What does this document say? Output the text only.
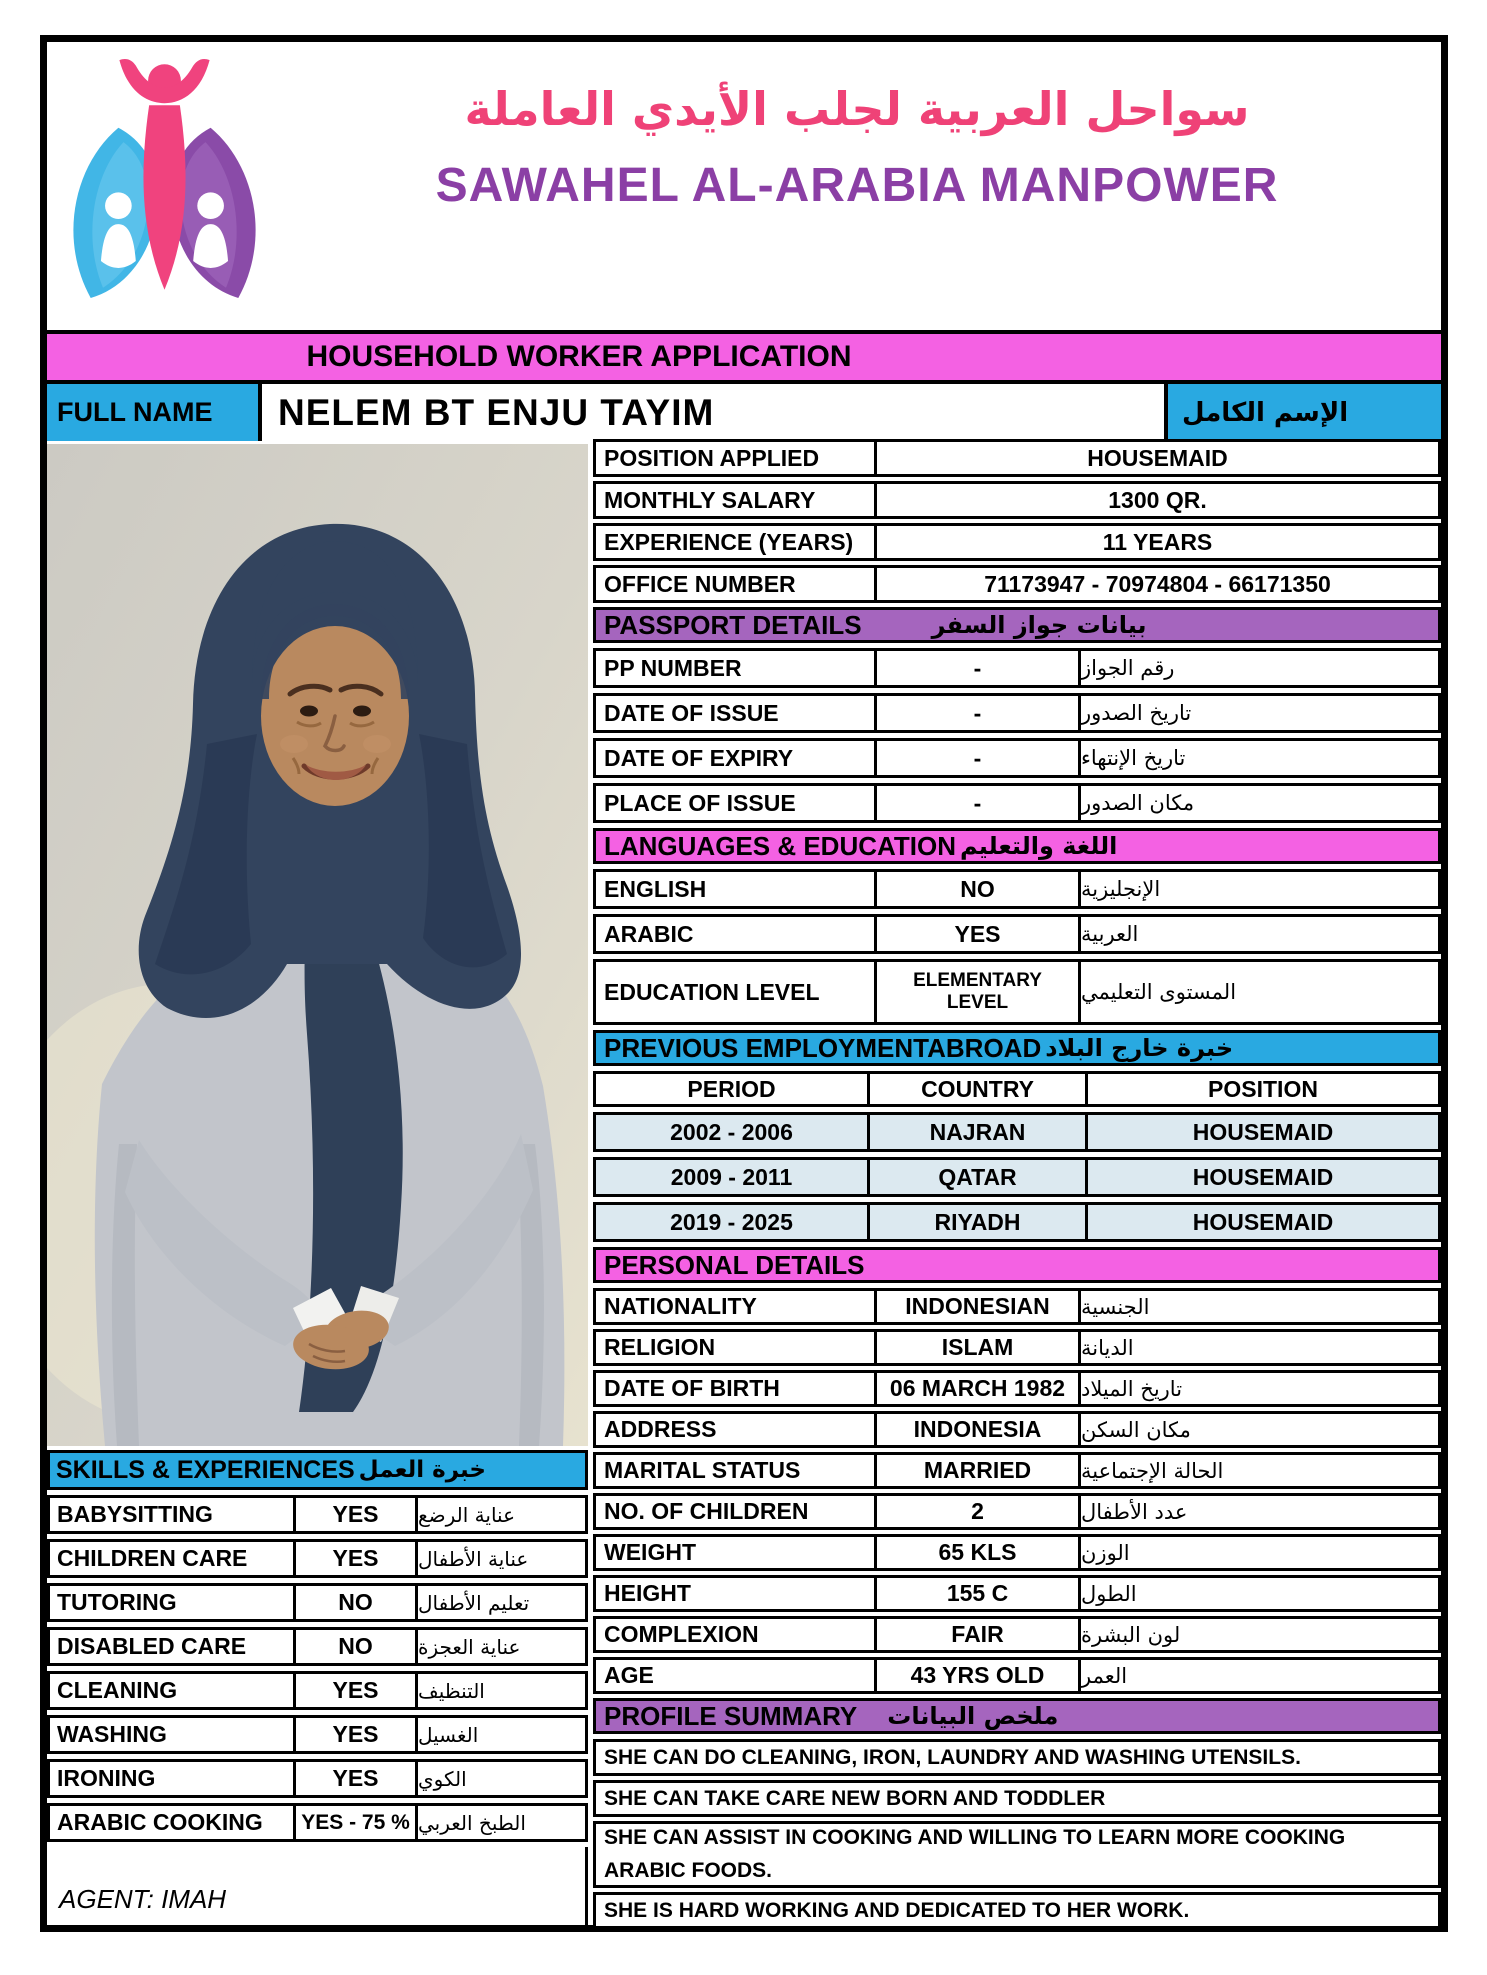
سواحل العربية لجلب الأيدي العاملة
SAWAHEL AL-ARABIA MANPOWER
HOUSEHOLD WORKER APPLICATION
FULL NAME	NELEM BT ENJU TAYIM	الإسم الكامل
SKILLS & EXPERIENCES خبرة العمل
BABYSITTING	YES	عناية الرضع
CHILDREN CARE	YES	عناية الأطفال
TUTORING	NO	تعليم الأطفال
DISABLED CARE	NO	عناية العجزة
CLEANING	YES	التنظيف
WASHING	YES	الغسيل
IRONING	YES	الكوي
ARABIC COOKING	YES - 75 % الطبخ العربي
AGENT: IMAH
POSITION APPLIED	HOUSEMAID
MONTHLY SALARY	1300 QR.
EXPERIENCE (YEARS)	11 YEARS
OFFICE NUMBER	71173947 - 70974804 - 66171350
PASSPORT DETAILS	بيانات جواز السفر
PP NUMBER	-	رقم الجواز
DATE OF ISSUE	-	تاريخ الصدور
DATE OF EXPIRY	-	تاريخ الإنتهاء
PLACE OF ISSUE	-	مكان الصدور
LANGUAGES & EDUCATION اللغة والتعليم
ENGLISH	NO	الإنجليزية
ARABIC	YES	العربية
EDUCATION LEVEL	ELEMENTARY LEVEL	المستوى التعليمي
PREVIOUS EMPLOYMENTABROAD خبرة خارج البلاد
PERIOD	COUNTRY	POSITION
2002 - 2006	NAJRAN	HOUSEMAID
2009 - 2011	QATAR	HOUSEMAID
2019 - 2025	RIYADH	HOUSEMAID
PERSONAL DETAILS
NATIONALITY	INDONESIAN	الجنسية
RELIGION	ISLAM	الديانة
DATE OF BIRTH	06 MARCH 1982 تاريخ الميلاد
ADDRESS	INDONESIA	مكان السكن
MARITAL STATUS	MARRIED	الحالة الإجتماعية
NO. OF CHILDREN	2	عدد الأطفال
WEIGHT	65 KLS	الوزن
HEIGHT	155 C	الطول
COMPLEXION	FAIR	لون البشرة
AGE	43 YRS OLD	العمر
PROFILE SUMMARY ملخص البيانات
SHE CAN DO CLEANING, IRON, LAUNDRY AND WASHING UTENSILS.
SHE CAN TAKE CARE NEW BORN AND TODDLER
SHE CAN ASSIST IN COOKING AND WILLING TO LEARN MORE COOKING ARABIC FOODS.
SHE IS HARD WORKING AND DEDICATED TO HER WORK.
